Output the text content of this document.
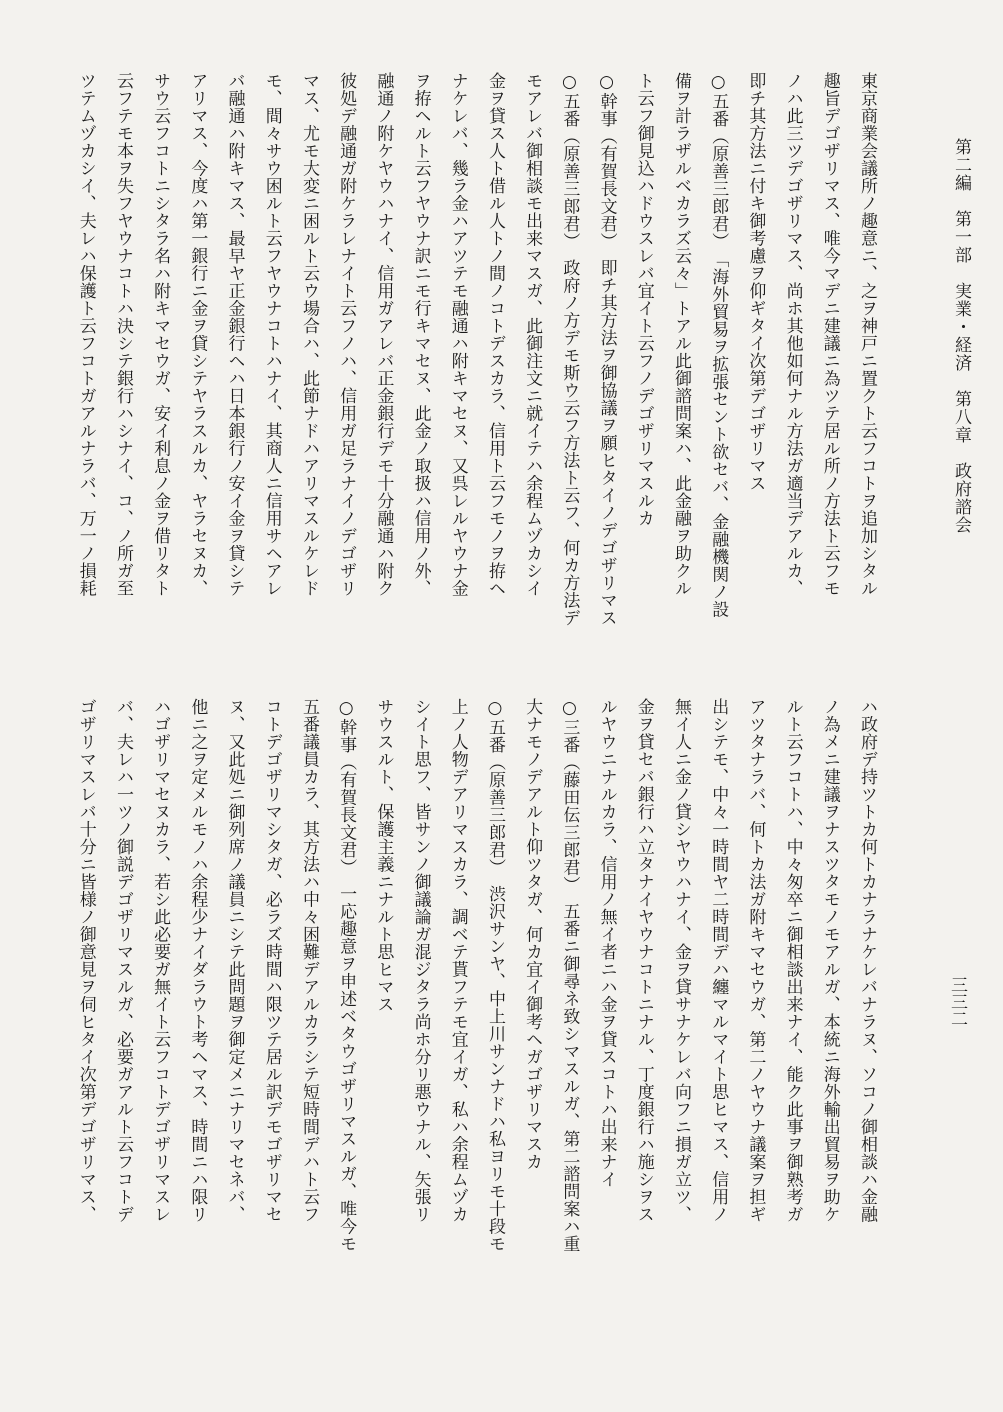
第二編　第一部　実業・経済　第八章　政府諮会
三三二
東京商業会議所ノ趣意ニ、之ヲ神戸ニ置クト云フコトヲ追加シタル
趣旨デゴザリマス、唯今マデニ建議ニ為ツテ居ル所ノ方法ト云フモ
ノハ此三ツデゴザリマス、尚ホ其他如何ナル方法ガ適当デアルカ、
即チ其方法ニ付キ御考慮ヲ仰ギタイ次第デゴザリマス
○五番（原善三郎君）　「海外貿易ヲ拡張セント欲セバ、金融機関ノ設
備ヲ計ラザルベカラズ云々」トアル此御諮問案ハ、此金融ヲ助クル
ト云フ御見込ハドウスレバ宜イト云フノデゴザリマスルカ
○幹事（有賀長文君）　即チ其方法ヲ御協議ヲ願ヒタイノデゴザリマス
○五番（原善三郎君）　政府ノ方デモ斯ウ云フ方法ト云フ、何カ方法デ
モアレバ御相談モ出来マスガ、此御注文ニ就イテハ余程ムヅカシイ
金ヲ貸ス人ト借ル人トノ間ノコトデスカラ、信用ト云フモノヲ拵ヘ
ナケレバ、幾ラ金ハアツテモ融通ハ附キマセヌ、又呉レルヤウナ金
ヲ拵ヘルト云フヤウナ訳ニモ行キマセヌ、此金ノ取扱ハ信用ノ外、
融通ノ附ケヤウハナイ、信用ガアレバ正金銀行デモ十分融通ハ附ク
彼処デ融通ガ附ケラレナイト云フノハ、信用ガ足ラナイノデゴザリ
マス、尤モ大変ニ困ルト云ウ場合ハ、此節ナドハアリマスルケレド
モ、間々サウ困ルト云フヤウナコトハナイ、其商人ニ信用サヘアレ
バ融通ハ附キマス、最早ヤ正金銀行ヘハ日本銀行ノ安イ金ヲ貸シテ
アリマス、今度ハ第一銀行ニ金ヲ貸シテヤラスルカ、ヤラセヌカ、
サウ云フコトニシタラ名ハ附キマセウガ、安イ利息ノ金ヲ借リタト
云フテモ本ヲ失フヤウナコトハ決シテ銀行ハシナイ、コ、ノ所ガ至
ツテムヅカシイ、夫レハ保護ト云フコトガアルナラバ、万一ノ損耗
ハ政府デ持ツトカ何トカナラナケレバナラヌ、ソコノ御相談ハ金融
ノ為メニ建議ヲナスツタモノモアルガ、本統ニ海外輸出貿易ヲ助ケ
ルト云フコトハ、中々匆卒ニ御相談出来ナイ、能ク此事ヲ御熟考ガ
アツタナラバ、何トカ法ガ附キマセウガ、第二ノヤウナ議案ヲ担ギ
出シテモ、中々一時間ヤ二時間デハ纏マルマイト思ヒマス、信用ノ
無イ人ニ金ノ貸シヤウハナイ、金ヲ貸サナケレバ向フニ損ガ立ツ、
金ヲ貸セバ銀行ハ立タナイヤウナコトニナル、丁度銀行ハ施シヲス
ルヤウニナルカラ、信用ノ無イ者ニハ金ヲ貸スコトハ出来ナイ
○三番（藤田伝三郎君）　五番ニ御尋ネ致シマスルガ、第二諮問案ハ重
大ナモノデアルト仰ツタガ、何カ宜イ御考ヘガゴザリマスカ
○五番（原善三郎君）　渋沢サンヤ、中上川サンナドハ私ヨリモ十段モ
上ノ人物デアリマスカラ、調ベテ貰フテモ宜イガ、私ハ余程ムヅカ
シイト思フ、皆サンノ御議論ガ混ジタラ尚ホ分リ悪ウナル、矢張リ
サウスルト、保護主義ニナルト思ヒマス
○幹事（有賀長文君）　一応趣意ヲ申述ベタウゴザリマスルガ、唯今モ
五番議員カラ、其方法ハ中々困難デアルカラシテ短時間デハト云フ
コトデゴザリマシタガ、必ラズ時間ハ限ツテ居ル訳デモゴザリマセ
ヌ、又此処ニ御列席ノ議員ニシテ此問題ヲ御定メニナリマセネバ、
他ニ之ヲ定メルモノハ余程少ナイダラウト考ヘマス、時間ニハ限リ
ハゴザリマセヌカラ、若シ此必要ガ無イト云フコトデゴザリマスレ
バ、夫レハ一ツノ御説デゴザリマスルガ、必要ガアルト云フコトデ
ゴザリマスレバ十分ニ皆様ノ御意見ヲ伺ヒタイ次第デゴザリマス、
